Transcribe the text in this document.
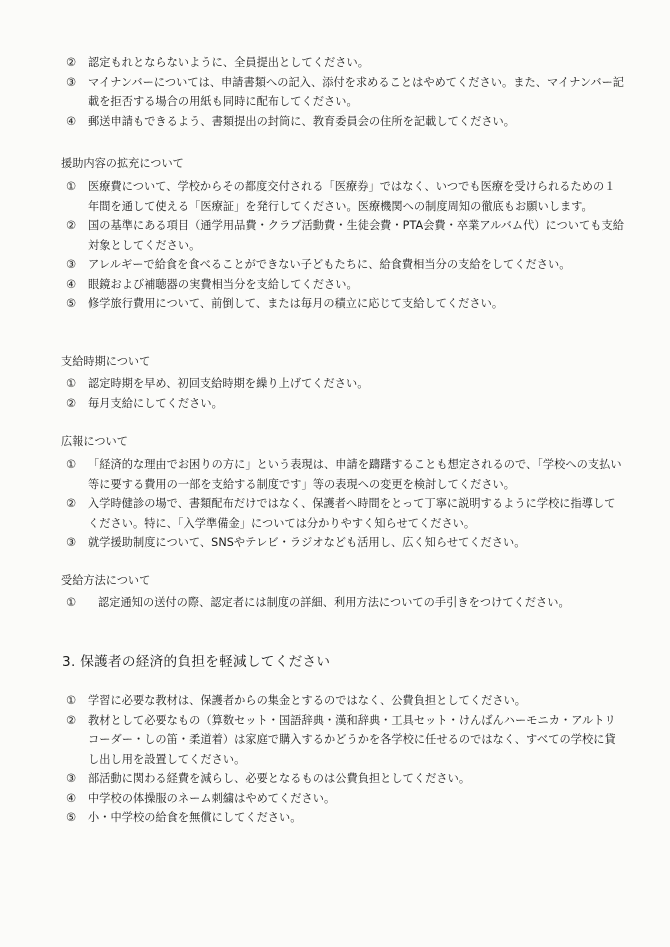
② 認定もれとならないように、全員提出としてください。
③ マイナンバーについては、申請書類への記入、添付を求めることはやめてください。また、マイナンバー記載を拒否する場合の用紙も同時に配布してください。
④ 郵送申請もできるよう、書類提出の封筒に、教育委員会の住所を記載してください。
援助内容の拡充について
① 医療費について、学校からその都度交付される「医療券」ではなく、いつでも医療を受けられるための１年間を通して使える「医療証」を発行してください。医療機関への制度周知の徹底もお願いします。
② 国の基準にある項目（通学用品費・クラブ活動費・生徒会費・PTA会費・卒業アルバム代）についても支給対象としてください。
③ アレルギーで給食を食べることができない子どもたちに、給食費相当分の支給をしてください。
④ 眼鏡および補聴器の実費相当分を支給してください。
⑤ 修学旅行費用について、前倒して、または毎月の積立に応じて支給してください。
支給時期について
① 認定時期を早め、初回支給時期を繰り上げてください。
② 毎月支給にしてください。
広報について
① 「経済的な理由でお困りの方に」という表現は、申請を躊躇することも想定されるので、「学校への支払い等に要する費用の一部を支給する制度です」等の表現への変更を検討してください。
② 入学時健診の場で、書類配布だけではなく、保護者へ時間をとって丁寧に説明するように学校に指導してください。特に、「入学準備金」については分かりやすく知らせてください。
③ 就学援助制度について、SNSやテレビ・ラジオなども活用し、広く知らせてください。
受給方法について
① 認定通知の送付の際、認定者には制度の詳細、利用方法についての手引きをつけてください。
3. 保護者の経済的負担を軽減してください
① 学習に必要な教材は、保護者からの集金とするのではなく、公費負担としてください。
② 教材として必要なもの（算数セット・国語辞典・漢和辞典・工具セット・けんばんハーモニカ・アルトリコーダー・しの笛・柔道着）は家庭で購入するかどうかを各学校に任せるのではなく、すべての学校に貸し出し用を設置してください。
③ 部活動に関わる経費を減らし、必要となるものは公費負担としてください。
④ 中学校の体操服のネーム刺繍はやめてください。
⑤ 小・中学校の給食を無償にしてください。
